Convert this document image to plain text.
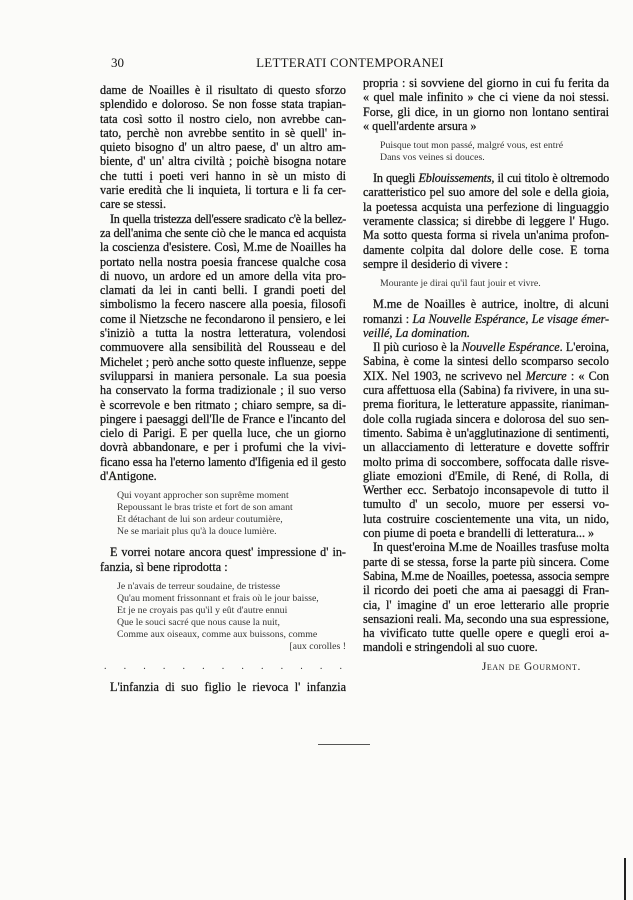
30	LETTERATI CONTEMPORANEI
dame de Noailles è il risultato di questo sforzo
splendido e doloroso. Se non fosse stata trapian-
tata così sotto il nostro cielo, non avrebbe can-
tato, perchè non avrebbe sentito in sè quell' in-
quieto bisogno d' un altro paese, d' un altro am-
biente, d' un' altra civiltà ; poichè bisogna notare
che tutti i poeti veri hanno in sè un misto di
varie eredità che li inquieta, li tortura e li fa cer-
care se stessi.
In quella tristezza dell'essere sradicato c'è la bellez-
za dell'anima che sente ciò che le manca ed acquista
la coscienza d'esistere. Così, M.me de Noailles ha
portato nella nostra poesia francese qualche cosa
di nuovo, un ardore ed un amore della vita pro-
clamati da lei in canti belli. I grandi poeti del
simbolismo la fecero nascere alla poesia, filosofi
come il Nietzsche ne fecondarono il pensiero, e lei
s'iniziò a tutta la nostra letteratura, volendosi
commuovere alla sensibilità del Rousseau e del
Michelet ; però anche sotto queste influenze, seppe
svilupparsi in maniera personale. La sua poesia
ha conservato la forma tradizionale ; il suo verso
è scorrevole e ben ritmato ; chiaro sempre, sa di-
pingere i paesaggi dell'Ile de France e l'incanto del
cielo di Parigi. E per quella luce, che un giorno
dovrà abbandonare, e per i profumi che la vivi-
ficano essa ha l'eterno lamento d'Ifigenia ed il gesto
d'Antigone.
Qui voyant approcher son suprême moment
Repoussant le bras triste et fort de son amant
Et détachant de lui son ardeur coutumière,
Ne se mariait plus qu'à la douce lumière.
E vorrei notare ancora quest' impressione d' in-
fanzia, sì bene riprodotta :
Je n'avais de terreur soudaine, de tristesse
Qu'au moment frissonnant et frais où le jour baisse,
Et je ne croyais pas qu'il y eût d'autre ennui
Que le souci sacré que nous cause la nuit,
Comme aux oiseaux, comme aux buissons, comme
[aux corolles !
. . . . . . . . . . . . .
L'infanzia di suo figlio le rievoca l' infanzia
propria : si sovviene del giorno in cui fu ferita da
« quel male infinito » che ci viene da noi stessi.
Forse, gli dice, in un giorno non lontano sentirai
« quell'ardente arsura »
Puisque tout mon passé, malgré vous, est entré
Dans vos veines si douces.
In quegli Eblouissements, il cui titolo è oltremodo
caratteristico pel suo amore del sole e della gioia,
la poetessa acquista una perfezione di linguaggio
veramente classica; si direbbe di leggere l' Hugo.
Ma sotto questa forma si rivela un'anima profon-
damente colpita dal dolore delle cose. E torna
sempre il desiderio di vivere :
Mourante je dirai qu'il faut jouir et vivre.
M.me de Noailles è autrice, inoltre, di alcuni
romanzi : La Nouvelle Espérance, Le visage émer-
veillé, La domination.
Il più curioso è la Nouvelle Espérance. L'eroina,
Sabina, è come la sintesi dello scomparso secolo
XIX. Nel 1903, ne scrivevo nel Mercure : « Con
cura affettuosa ella (Sabina) fa rivivere, in una su-
prema fioritura, le letterature appassite, rianiman-
dole colla rugiada sincera e dolorosa del suo sen-
timento. Sabima è un'agglutinazione di sentimenti,
un allacciamento di letterature e dovette soffrir
molto prima di soccombere, soffocata dalle risve-
gliate emozioni d'Emile, di René, di Rolla, di
Werther ecc. Serbatojo inconsapevole di tutto il
tumulto d' un secolo, muore per essersi vo-
luta costruire coscientemente una vita, un nido,
con piume di poeta e brandelli di letteratura... »
In quest'eroina M.me de Noailles trasfuse molta
parte di se stessa, forse la parte più sincera. Come
Sabina, M.me de Noailles, poetessa, associa sempre
il ricordo dei poeti che ama ai paesaggi di Fran-
cia, l' imagine d' un eroe letterario alle proprie
sensazioni reali. Ma, secondo una sua espressione,
ha vivificato tutte quelle opere e quegli eroi a-
mandoli e stringendoli al suo cuore.
Jean de Gourmont.
